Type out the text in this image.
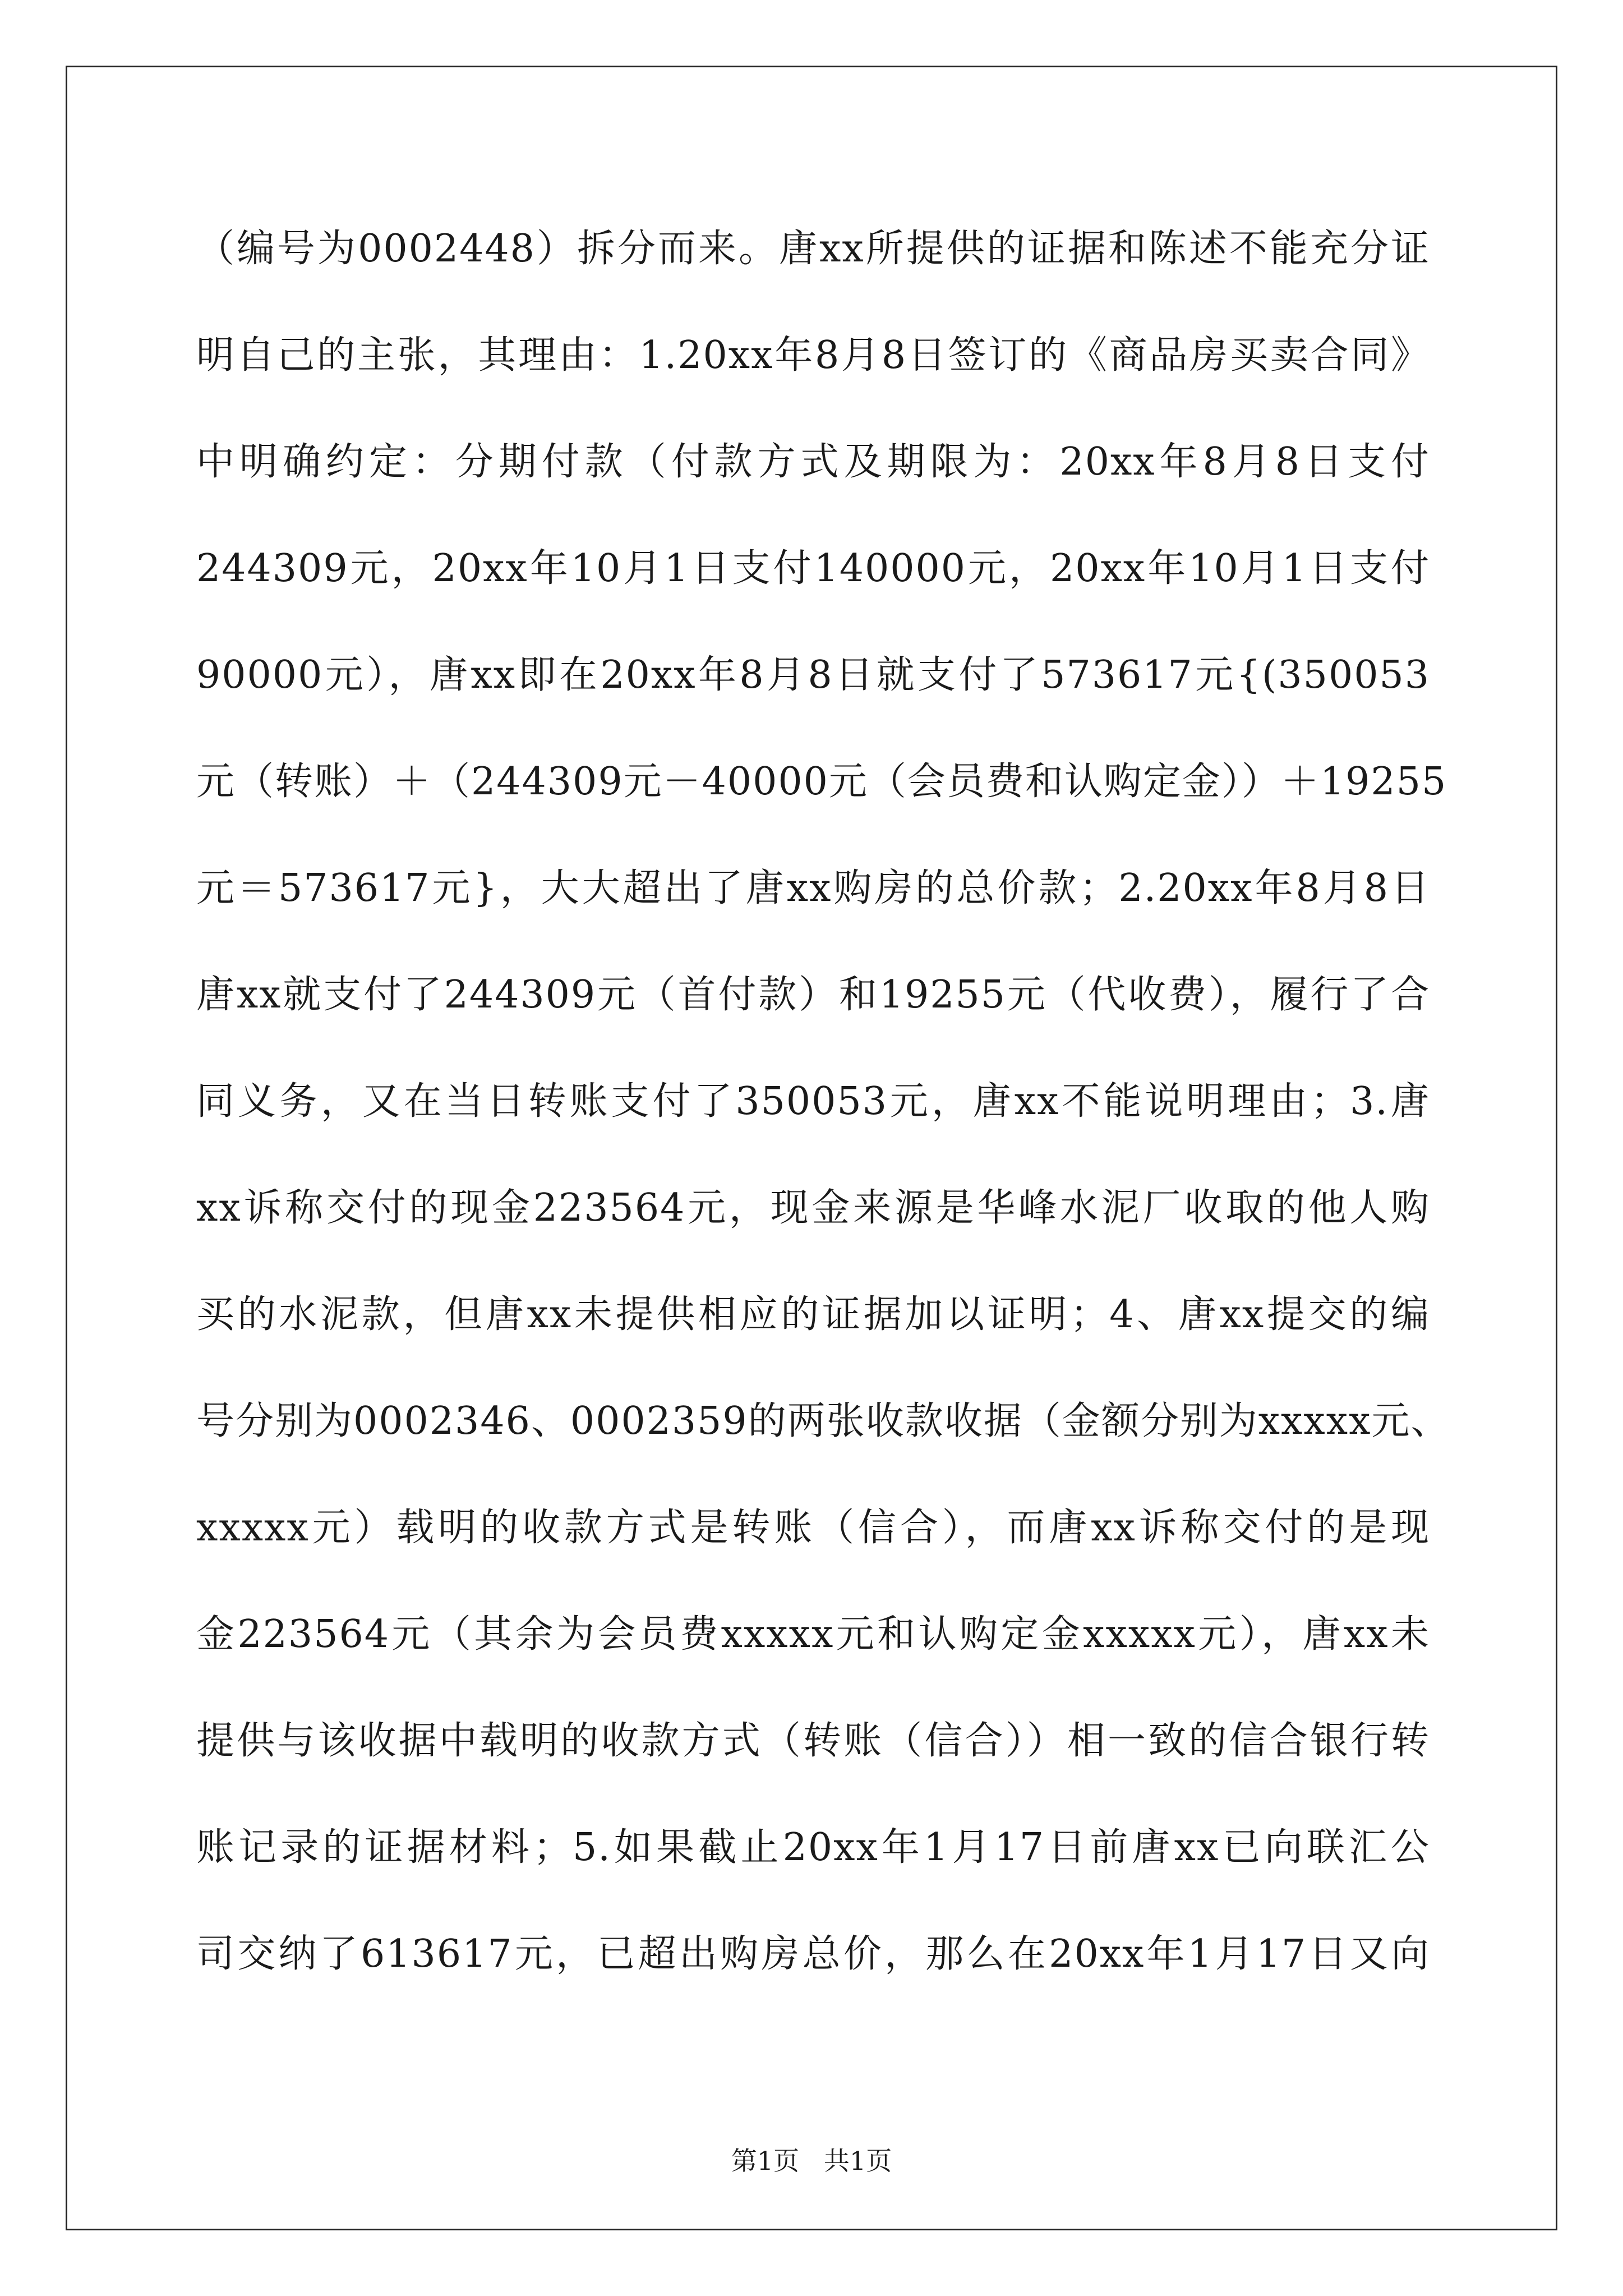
（编号为0002448）拆分而来。唐xx所提供的证据和陈述不能充分证
明自己的主张，其理由：1.20xx年8月8日签订的《商品房买卖合同》
中明确约定：分期付款（付款方式及期限为：20xx年8月8日支付
244309元，20xx年10月1日支付140000元，20xx年10月1日支付
90000元），唐xx即在20xx年8月8日就支付了573617元{(350053
元（转账）＋（244309元－40000元（会员费和认购定金））＋19255
元＝573617元}，大大超出了唐xx购房的总价款；2.20xx年8月8日
唐xx就支付了244309元（首付款）和19255元（代收费），履行了合
同义务，又在当日转账支付了350053元，唐xx不能说明理由；3.唐
xx诉称交付的现金223564元，现金来源是华峰水泥厂收取的他人购
买的水泥款，但唐xx未提供相应的证据加以证明；4、唐xx提交的编
号分别为0002346、0002359的两张收款收据（金额分别为xxxxx元、
xxxxx元）载明的收款方式是转账（信合），而唐xx诉称交付的是现
金223564元（其余为会员费xxxxx元和认购定金xxxxx元），唐xx未
提供与该收据中载明的收款方式（转账（信合））相一致的信合银行转
账记录的证据材料；5.如果截止20xx年1月17日前唐xx已向联汇公
司交纳了613617元，已超出购房总价，那么在20xx年1月17日又向
第1页   共1页
